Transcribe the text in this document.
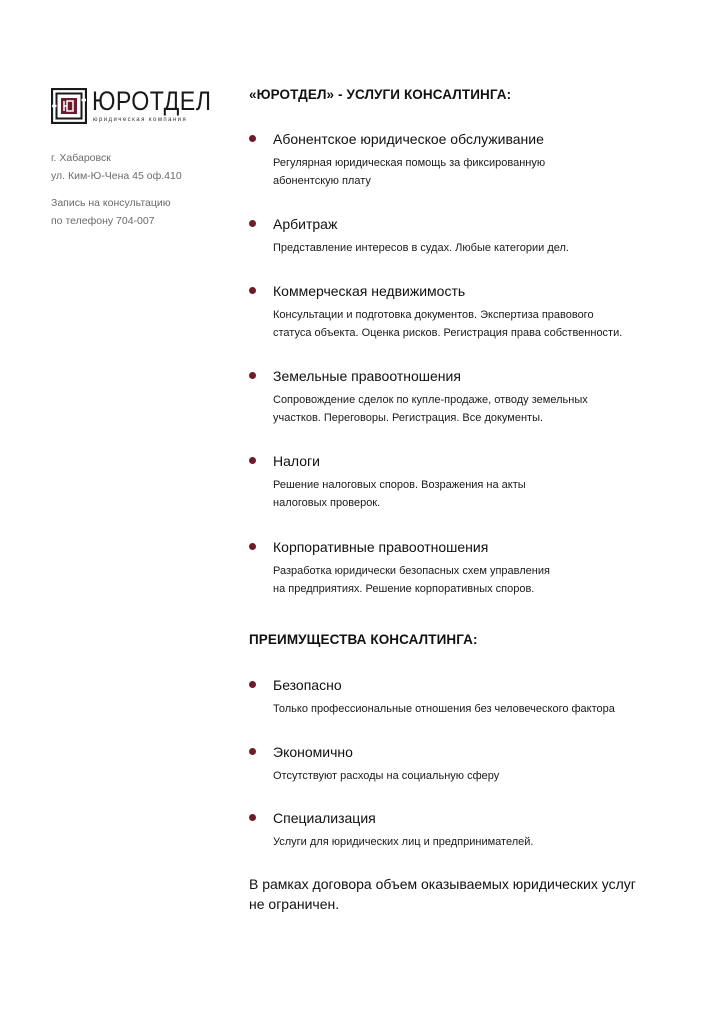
ЮРОТДЕЛ
юридическая компания
г. Хабаровск
ул. Ким-Ю-Чена 45 оф.410
Запись на консультацию
по телефону 704-007
«ЮРОТДЕЛ» - УСЛУГИ КОНСАЛТИНГА:
Абонентское юридическое обслуживание
Регулярная юридическая помощь за фиксированную
абонентскую плату
Арбитраж
Представление интересов в судах. Любые категории дел.
Коммерческая недвижимость
Консультации и подготовка документов. Экспертиза правового
статуса объекта. Оценка рисков. Регистрация права собственности.
Земельные правоотношения
Сопровождение сделок по купле-продаже, отводу земельных
участков. Переговоры. Регистрация. Все документы.
Налоги
Решение налоговых споров. Возражения на акты
налоговых проверок.
Корпоративные правоотношения
Разработка юридически безопасных схем управления
на предприятиях. Решение корпоративных споров.
ПРЕИМУЩЕСТВА КОНСАЛТИНГА:
Безопасно
Только профессиональные отношения без человеческого фактора
Экономично
Отсутствуют расходы на социальную сферу
Специализация
Услуги для юридических лиц и предпринимателей.
В рамках договора объем оказываемых юридических услуг
не ограничен.
